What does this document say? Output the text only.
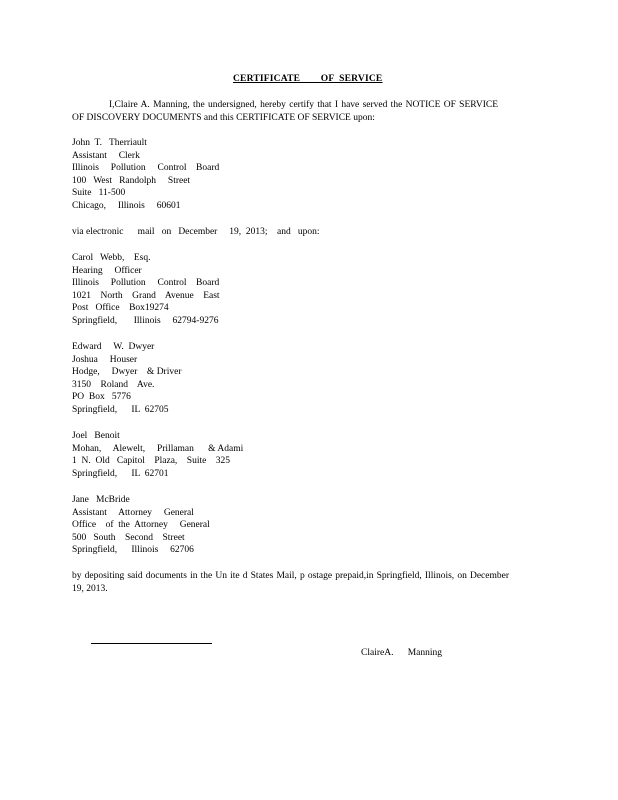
CERTIFICATE        OF  SERVICE
I,Claire A. Manning, the undersigned, hereby certify that I have served the NOTICE OF SERVICE OF DISCOVERY DOCUMENTS and this CERTIFICATE OF SERVICE upon:
John  T.   Therriault
Assistant     Clerk
Illinois     Pollution     Control    Board
100   West   Randolph     Street
Suite   11-500
Chicago,     Illinois     60601
via electronic      mail   on   December     19,  2013;    and   upon:
Carol   Webb,    Esq.
Hearing     Officer
Illinois     Pollution     Control    Board
1021    North    Grand    Avenue    East
Post   Office    Box19274
Springfield,       Illinois     62794-9276
Edward     W.  Dwyer
Joshua     Houser
Hodge,     Dwyer    & Driver
3150    Roland    Ave.
PO  Box   5776
Springfield,      IL  62705
Joel   Benoit
Mohan,     Alewelt,     Prillaman      & Adami
1  N.  Old   Capitol    Plaza,    Suite    325
Springfield,      IL  62701
Jane   McBride
Assistant     Attorney     General
Office    of  the  Attorney     General
500   South    Second    Street
Springfield,      Illinois     62706
by depositing said documents in the Un ite d States Mail, p ostage prepaid,in Springfield, Illinois, on December 19, 2013.
ClaireA.      Manning
